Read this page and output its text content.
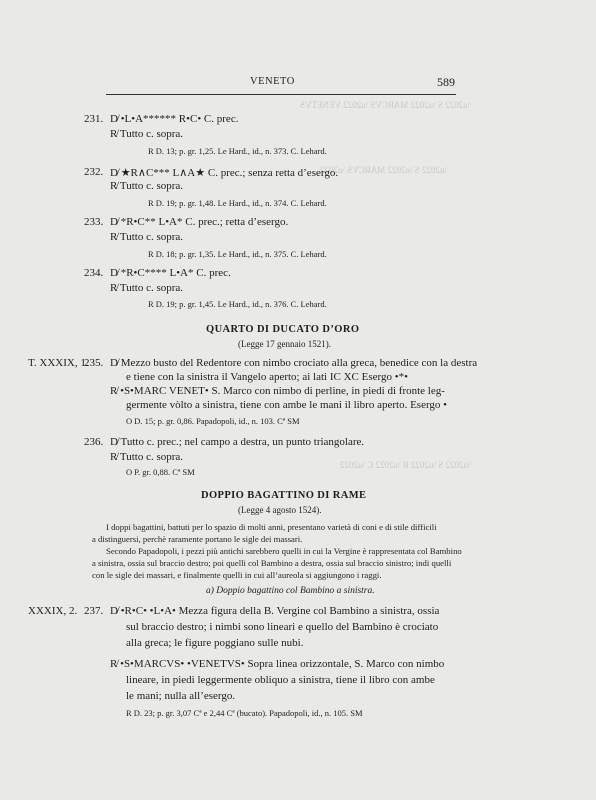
\u2022 S \u2022 MARCVS \u2022 VENETVS
\u2022 S \u2022 MARCVS \u2022
\u2022 S \u2022 R \u2022 C \u2022
VENETO	589
231. D̸ •L•A****** R•C• C. prec.
R̸ Tutto c. sopra.
R D. 13; p. gr. 1,25. Le Hard., id., n. 373. C. Lehard.
232. D̸ ★R∧C*** L∧A★ C. prec.; senza retta d’esergo.
R̸ Tutto c. sopra.
R D. 19; p. gr. 1,48. Le Hard., id., n. 374. C. Lehard.
233. D̸ *R•C** L•A* C. prec.; retta d’esergo.
R̸ Tutto c. sopra.
R D. 18; p. gr. 1,35. Le Hard., id., n. 375. C. Lehard.
234. D̸ *R•C**** L•A* C. prec.
R̸ Tutto c. sopra.
R D. 19; p. gr. 1,45. Le Hard., id., n. 376. C. Lehard.
QUARTO DI DUCATO D’ORO
(Legge 17 gennaio 1521).
T. XXXIX, 1.
235. D̸ Mezzo busto del Redentore con nimbo crociato alla greca, benedice con la destra
e tiene con la sinistra il Vangelo aperto; ai lati IC XC Esergo •*•
R̸ •S•MARC VENET• S. Marco con nimbo di perline, in piedi di fronte leg-
germente vòlto a sinistra, tiene con ambe le mani il libro aperto. Esergo •
O D. 15; p. gr. 0,86. Papadopoli, id., n. 103. Cª SM
236. D̸ Tutto c. prec.; nel campo a destra, un punto triangolare.
R̸ Tutto c. sopra.
O P. gr. 0,88. Cª SM
DOPPIO BAGATTINO DI RAME
(Legge 4 agosto 1524).
I doppi bagattini, battuti per lo spazio di molti anni, presentano varietà di coni e di stile difficili
a distinguersi, perchè raramente portano le sigle dei massari.
Secondo Papadopoli, i pezzi più antichi sarebbero quelli in cui la Vergine è rappresentata col Bambino
a sinistra, ossia sul braccio destro; poi quelli col Bambino a destra, ossia sul braccio sinistro; indi quelli
con le sigle dei massari, e finalmente quelli in cui all’aureola si aggiungono i raggi.
a) Doppio bagattino col Bambino a sinistra.
XXXIX, 2. 237. D̸ •R•C• •L•A• Mezza figura della B. Vergine col Bambino a sinistra, ossia
sul braccio destro; i nimbi sono lineari e quello del Bambino è crociato
alla greca; le figure poggiano sulle nubi.
R̸ •S•MARCVS• •VENETVS• Sopra linea orizzontale, S. Marco con nimbo
lineare, in piedi leggermente obliquo a sinistra, tiene il libro con ambe
le mani; nulla all’esergo.
R D. 23; p. gr. 3,07 Cª e 2,44 Cª (bucato). Papadopoli, id., n. 105. SM
